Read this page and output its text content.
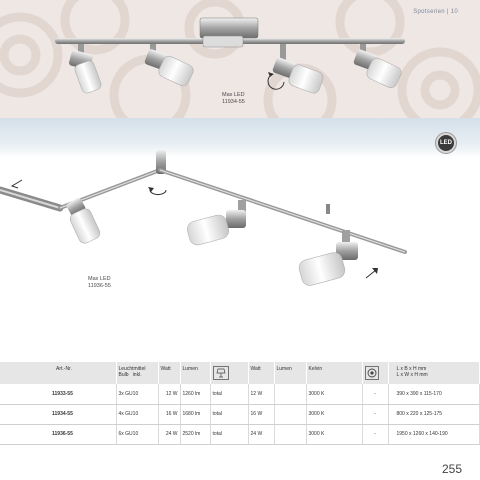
Spotserien | 10
Max LED
11934-55
Max LED
11936-55
LED
Art.-Nr.	Leuchtmittel
Bulb inkl.	Watt	Lumen		Watt	Lumen	Kelvin		L x B x H mm
L x W x H mm
11933-55	3x GU10	12 W	1260 lm	total	12 W		3000 K	-	390 x 390 x 115-170
11934-55	4x GU10	16 W	1680 lm	total	16 W		3000 K	-	800 x 220 x 125-175
11936-55	6x GU10	24 W	2520 lm	total	24 W		3000 K	-	1950 x 1260 x 140-190
255
